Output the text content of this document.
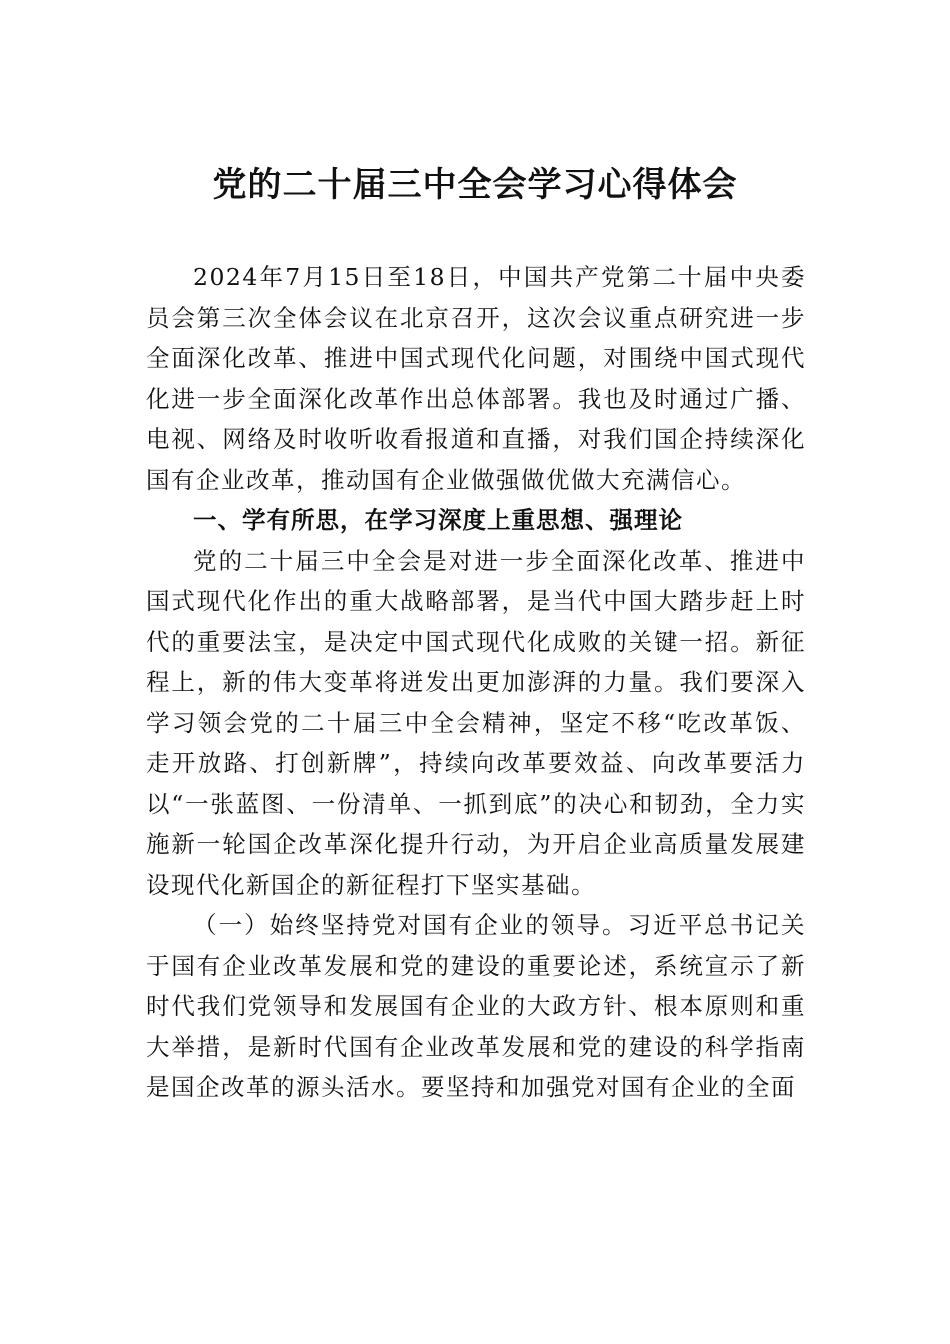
党的二十届三中全会学习心得体会

2024年7月15日至18日，中国共产党第二十届中央委员会第三次全体会议在北京召开，这次会议重点研究进一步全面深化改革、推进中国式现代化问题，对围绕中国式现代化进一步全面深化改革作出总体部署。我也及时通过广播、电视、网络及时收听收看报道和直播，对我们国企持续深化国有企业改革，推动国有企业做强做优做大充满信心。

一、学有所思，在学习深度上重思想、强理论

党的二十届三中全会是对进一步全面深化改革、推进中国式现代化作出的重大战略部署，是当代中国大踏步赶上时代的重要法宝，是决定中国式现代化成败的关键一招。新征程上，新的伟大变革将迸发出更加澎湃的力量。我们要深入学习领会党的二十届三中全会精神，坚定不移“吃改革饭、走开放路、打创新牌”，持续向改革要效益、向改革要活力以“一张蓝图、一份清单、一抓到底”的决心和韧劲，全力实施新一轮国企改革深化提升行动，为开启企业高质量发展建设现代化新国企的新征程打下坚实基础。

（一）始终坚持党对国有企业的领导。习近平总书记关于国有企业改革发展和党的建设的重要论述，系统宣示了新时代我们党领导和发展国有企业的大政方针、根本原则和重大举措，是新时代国有企业改革发展和党的建设的科学指南是国企改革的源头活水。要坚持和加强党对国有企业的全面
